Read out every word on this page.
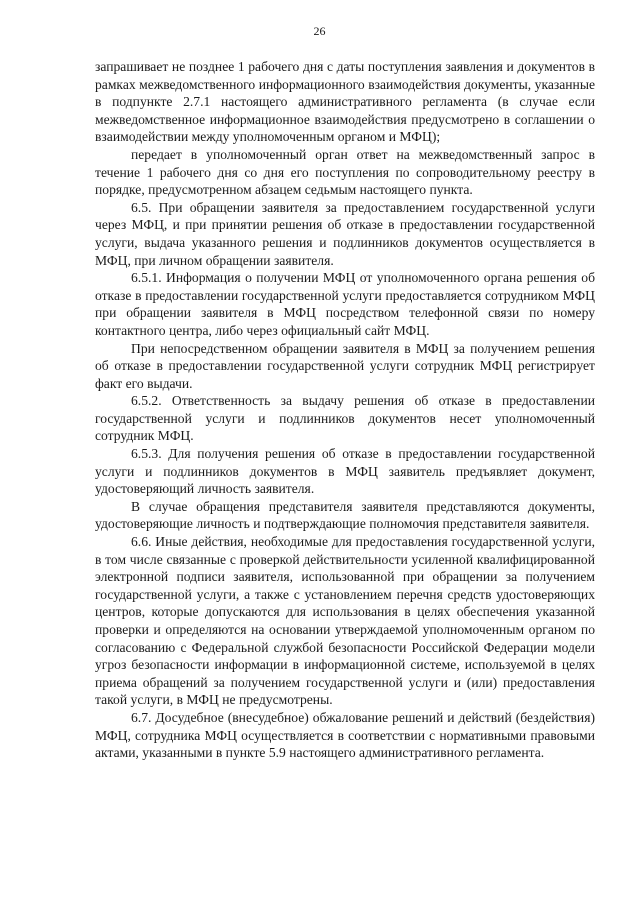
26

запрашивает не позднее 1 рабочего дня с даты поступления заявления и документов в рамках межведомственного информационного взаимодействия документы, указанные в подпункте 2.7.1 настоящего административного регламента (в случае если межведомственное информационное взаимодействия предусмотрено в соглашении о взаимодействии между уполномоченным органом и МФЦ);

передает в уполномоченный орган ответ на межведомственный запрос в течение 1 рабочего дня со дня его поступления по сопроводительному реестру в порядке, предусмотренном абзацем седьмым настоящего пункта.

6.5. При обращении заявителя за предоставлением государственной услуги через МФЦ, и при принятии решения об отказе в предоставлении государственной услуги, выдача указанного решения и подлинников документов осуществляется в МФЦ, при личном обращении заявителя.

6.5.1. Информация о получении МФЦ от уполномоченного органа решения об отказе в предоставлении государственной услуги предоставляется сотрудником МФЦ при обращении заявителя в МФЦ посредством телефонной связи по номеру контактного центра, либо через официальный сайт МФЦ.

При непосредственном обращении заявителя в МФЦ за получением решения об отказе в предоставлении государственной услуги сотрудник МФЦ регистрирует факт его выдачи.

6.5.2. Ответственность за выдачу решения об отказе в предоставлении государственной услуги и подлинников документов несет уполномоченный сотрудник МФЦ.

6.5.3. Для получения решения об отказе в предоставлении государственной услуги и подлинников документов в МФЦ заявитель предъявляет документ, удостоверяющий личность заявителя.

В случае обращения представителя заявителя представляются документы, удостоверяющие личность и подтверждающие полномочия представителя заявителя.

6.6. Иные действия, необходимые для предоставления государственной услуги, в том числе связанные с проверкой действительности усиленной квалифицированной электронной подписи заявителя, использованной при обращении за получением государственной услуги, а также с установлением перечня средств удостоверяющих центров, которые допускаются для использования в целях обеспечения указанной проверки и определяются на основании утверждаемой уполномоченным органом по согласованию с Федеральной службой безопасности Российской Федерации модели угроз безопасности информации в информационной системе, используемой в целях приема обращений за получением государственной услуги и (или) предоставления такой услуги, в МФЦ не предусмотрены.

6.7. Досудебное (внесудебное) обжалование решений и действий (бездействия) МФЦ, сотрудника МФЦ осуществляется в соответствии с нормативными правовыми актами, указанными в пункте 5.9 настоящего административного регламента.
